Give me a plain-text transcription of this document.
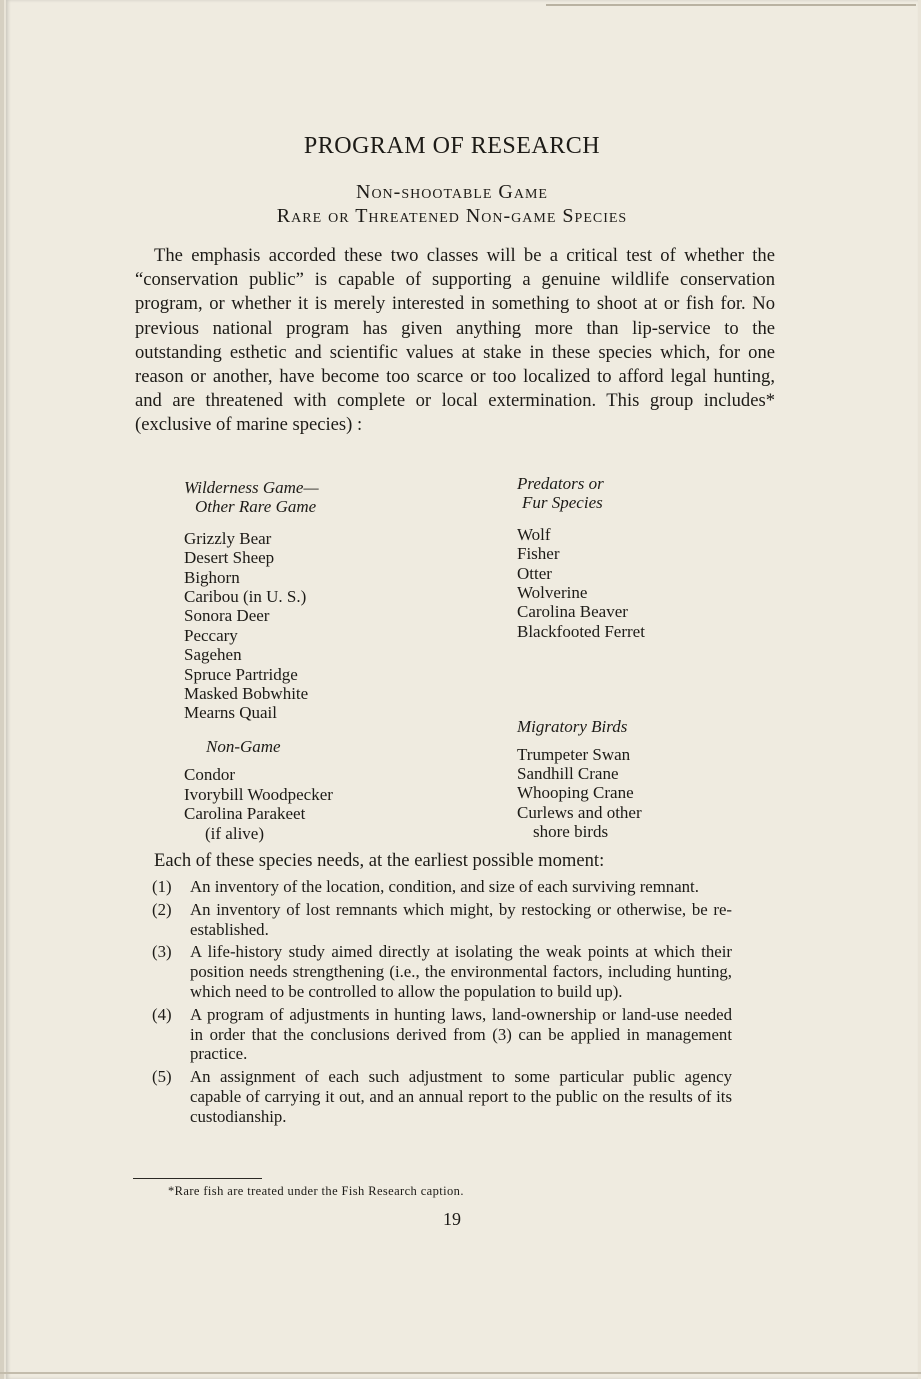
PROGRAM OF RESEARCH
Non-shootable Game
Rare or Threatened Non-game Species
The emphasis accorded these two classes will be a critical test of whether the “conservation public” is capable of supporting a genuine wildlife conservation program, or whether it is merely interested in something to shoot at or fish for. No previous national program has given anything more than lip-service to the outstanding esthetic and scientific values at stake in these species which, for one reason or another, have become too scarce or too localized to afford legal hunting, and are threatened with complete or local extermination. This group includes* (exclusive of marine species) :
Wilderness Game—
Other Rare Game
Grizzly Bear
Desert Sheep
Bighorn
Caribou (in U. S.)
Sonora Deer
Peccary
Sagehen
Spruce Partridge
Masked Bobwhite
Mearns Quail
Non-Game
Condor
Ivorybill Woodpecker
Carolina Parakeet
(if alive)
Predators or
Fur Species
Wolf
Fisher
Otter
Wolverine
Carolina Beaver
Blackfooted Ferret
Migratory Birds
Trumpeter Swan
Sandhill Crane
Whooping Crane
Curlews and other
shore birds
Each of these species needs, at the earliest possible moment:
(1) An inventory of the location, condition, and size of each surviving remnant.
(2) An inventory of lost remnants which might, by restocking or otherwise, be re-established.
(3) A life-history study aimed directly at isolating the weak points at which their position needs strengthening (i.e., the environmental factors, including hunting, which need to be controlled to allow the population to build up).
(4) A program of adjustments in hunting laws, land-ownership or land-use needed in order that the conclusions derived from (3) can be applied in management practice.
(5) An assignment of each such adjustment to some particular public agency capable of carrying it out, and an annual report to the public on the results of its custodianship.
*Rare fish are treated under the Fish Research caption.
19
